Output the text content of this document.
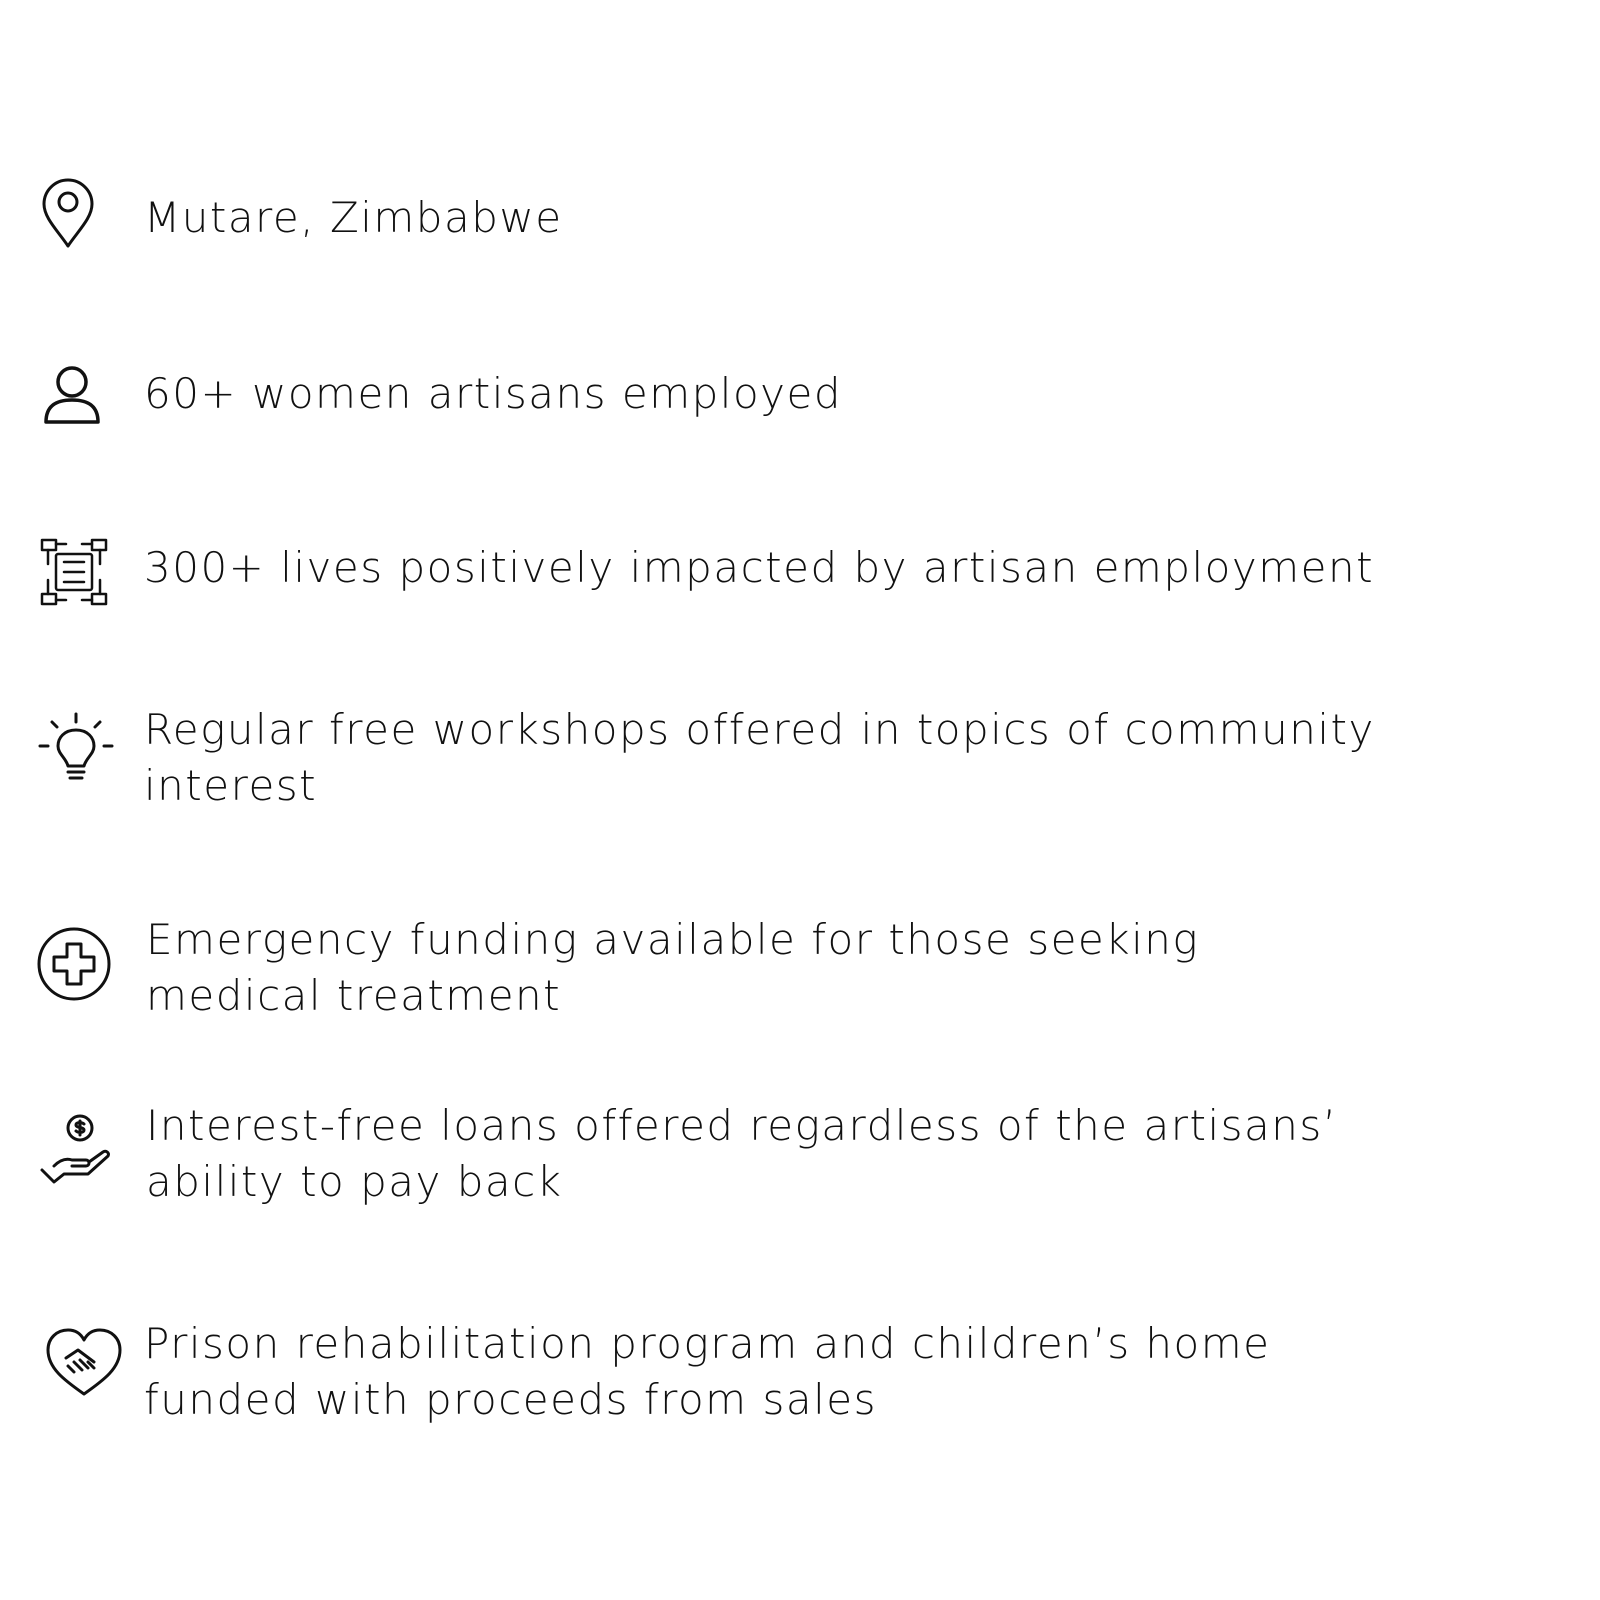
Mutare, Zimbabwe

60+ women artisans employed

300+ lives positively impacted by artisan employment

Regular free workshops offered in topics of community
interest

Emergency funding available for those seeking
medical treatment

Interest-free loans offered regardless of the artisans’
ability to pay back

Prison rehabilitation program and children’s home
funded with proceeds from sales
